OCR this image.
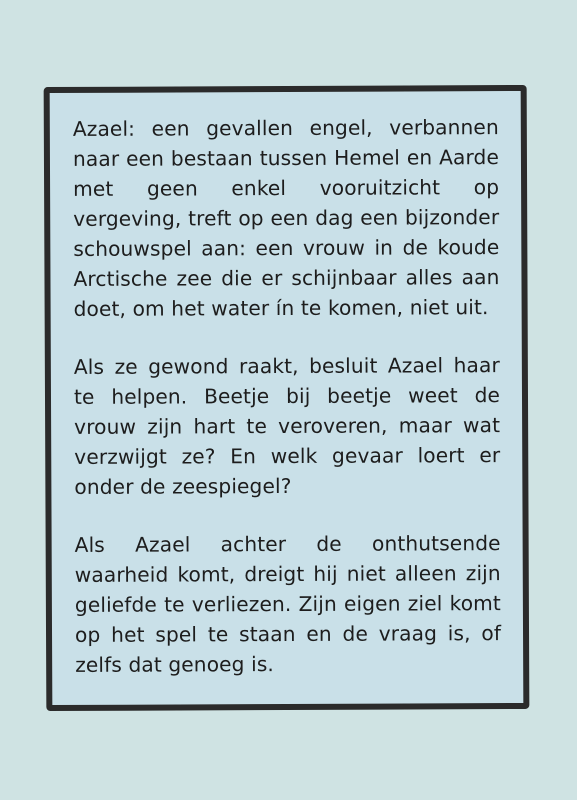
Azael: een gevallen engel, verbannen naar een bestaan tussen Hemel en Aarde met geen enkel vooruitzicht op vergeving, treft op een dag een bijzonder schouwspel aan: een vrouw in de koude Arctische zee die er schijnbaar alles aan doet, om het water ín te komen, niet uit.

Als ze gewond raakt, besluit Azael haar te helpen. Beetje bij beetje weet de vrouw zijn hart te veroveren, maar wat verzwijgt ze? En welk gevaar loert er onder de zeespiegel?

Als Azael achter de onthutsende waarheid komt, dreigt hij niet alleen zijn geliefde te verliezen. Zijn eigen ziel komt op het spel te staan en de vraag is, of zelfs dat genoeg is.
